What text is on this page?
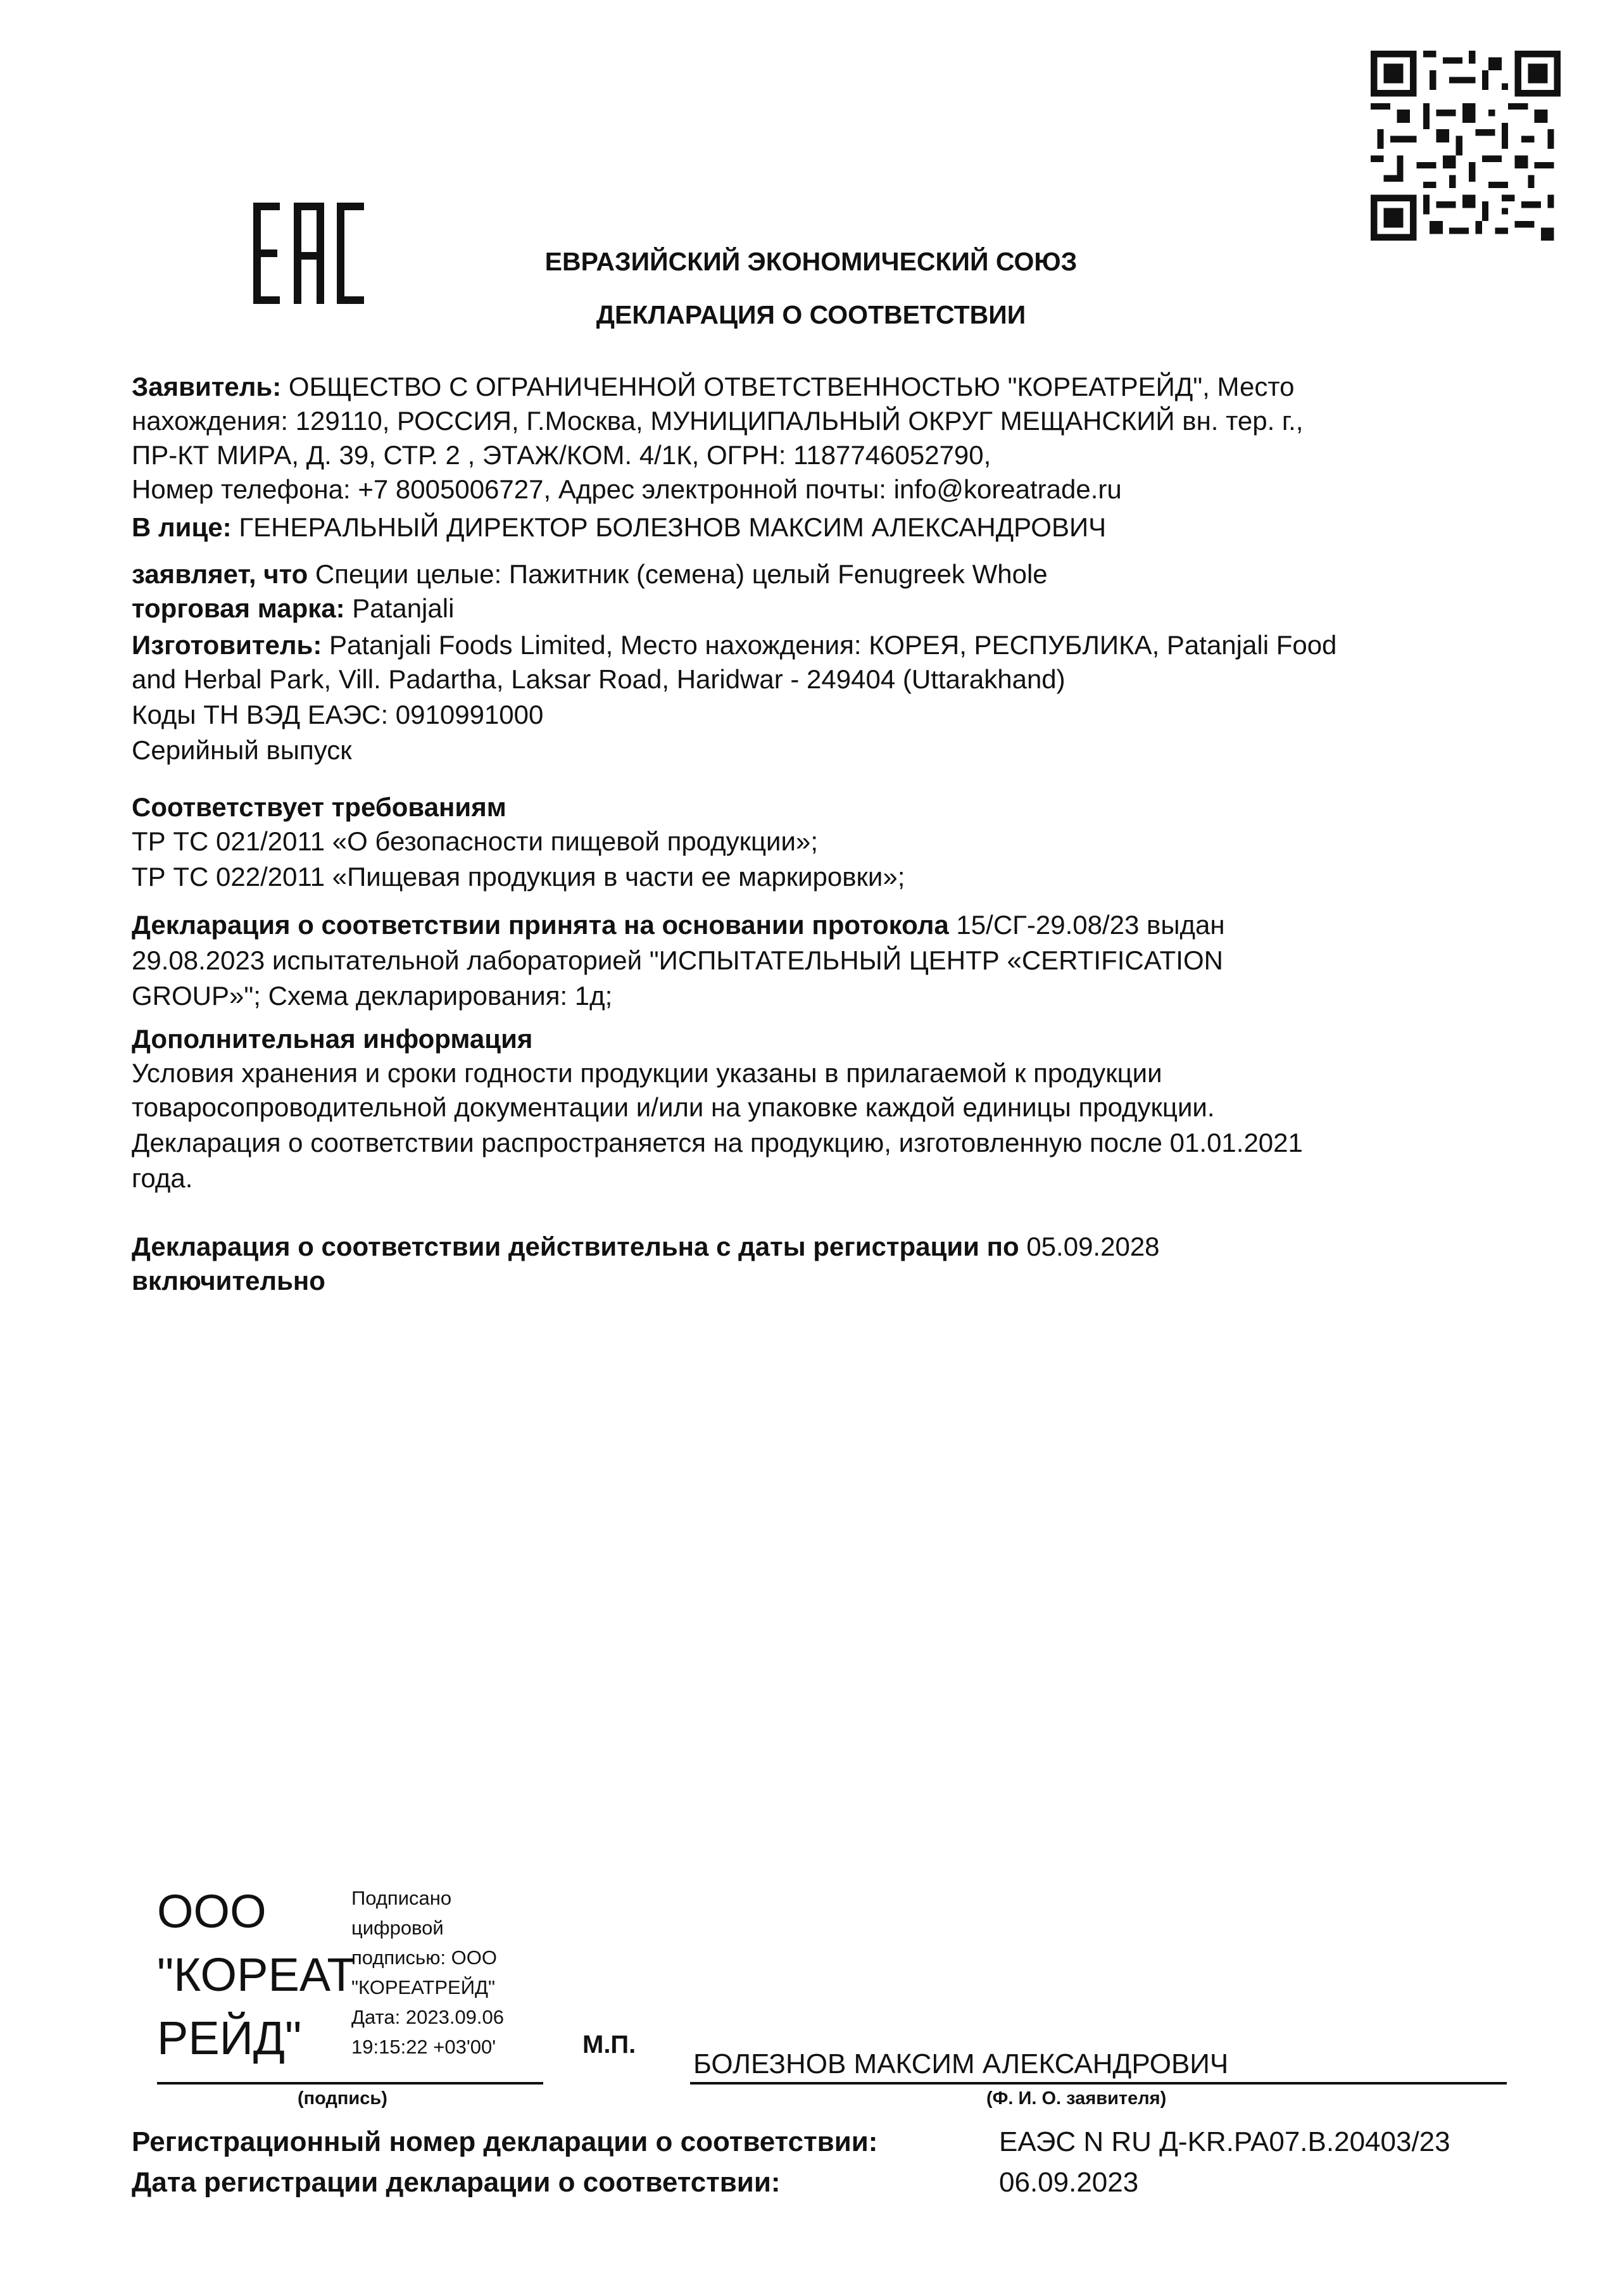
ЕВРАЗИЙСКИЙ ЭКОНОМИЧЕСКИЙ СОЮЗ
ДЕКЛАРАЦИЯ О СООТВЕТСТВИИ
Заявитель: ОБЩЕСТВО С ОГРАНИЧЕННОЙ ОТВЕТСТВЕННОСТЬЮ "КОРЕАТРЕЙД", Место
нахождения: 129110, РОССИЯ, Г.Москва, МУНИЦИПАЛЬНЫЙ ОКРУГ МЕЩАНСКИЙ вн. тер. г.,
ПР-КТ МИРА, Д. 39, СТР. 2 , ЭТАЖ/КОМ. 4/1К, ОГРН: 1187746052790,
Номер телефона: +7 8005006727, Адрес электронной почты: info@koreatrade.ru
В лице: ГЕНЕРАЛЬНЫЙ ДИРЕКТОР БОЛЕЗНОВ МАКСИМ АЛЕКСАНДРОВИЧ
заявляет, что Специи целые: Пажитник (семена) целый Fenugreek Whole
торговая марка: Patanjali
Изготовитель: Patanjali Foods Limited, Место нахождения: КОРЕЯ, РЕСПУБЛИКА, Patanjali Food
and Herbal Park, Vill. Padartha, Laksar Road, Haridwar - 249404 (Uttarakhand)
Коды ТН ВЭД ЕАЭС: 0910991000
Серийный выпуск
Соответствует требованиям
ТР ТС 021/2011 «О безопасности пищевой продукции»;
ТР ТС 022/2011 «Пищевая продукция в части ее маркировки»;
Декларация о соответствии принята на основании протокола 15/СГ-29.08/23 выдан
29.08.2023 испытательной лабораторией "ИСПЫТАТЕЛЬНЫЙ ЦЕНТР «CERTIFICATION
GROUP»"; Схема декларирования: 1д;
Дополнительная информация
Условия хранения и сроки годности продукции указаны в прилагаемой к продукции
товаросопроводительной документации и/или на упаковке каждой единицы продукции.
Декларация о соответствии распространяется на продукцию, изготовленную после 01.01.2021
года.
Декларация о соответствии действительна с даты регистрации по 05.09.2028
включительно
ООО
"КОРЕАТ
РЕЙД"
Подписано
цифровой
подписью: ООО
"КОРЕАТРЕЙД"
Дата: 2023.09.06
19:15:22 +03'00'	М.П.
БОЛЕЗНОВ МАКСИМ АЛЕКСАНДРОВИЧ
(подпись)	(Ф. И. О. заявителя)
Регистрационный номер декларации о соответствии:	ЕАЭС N RU Д-KR.PA07.B.20403/23
Дата регистрации декларации о соответствии:	06.09.2023
